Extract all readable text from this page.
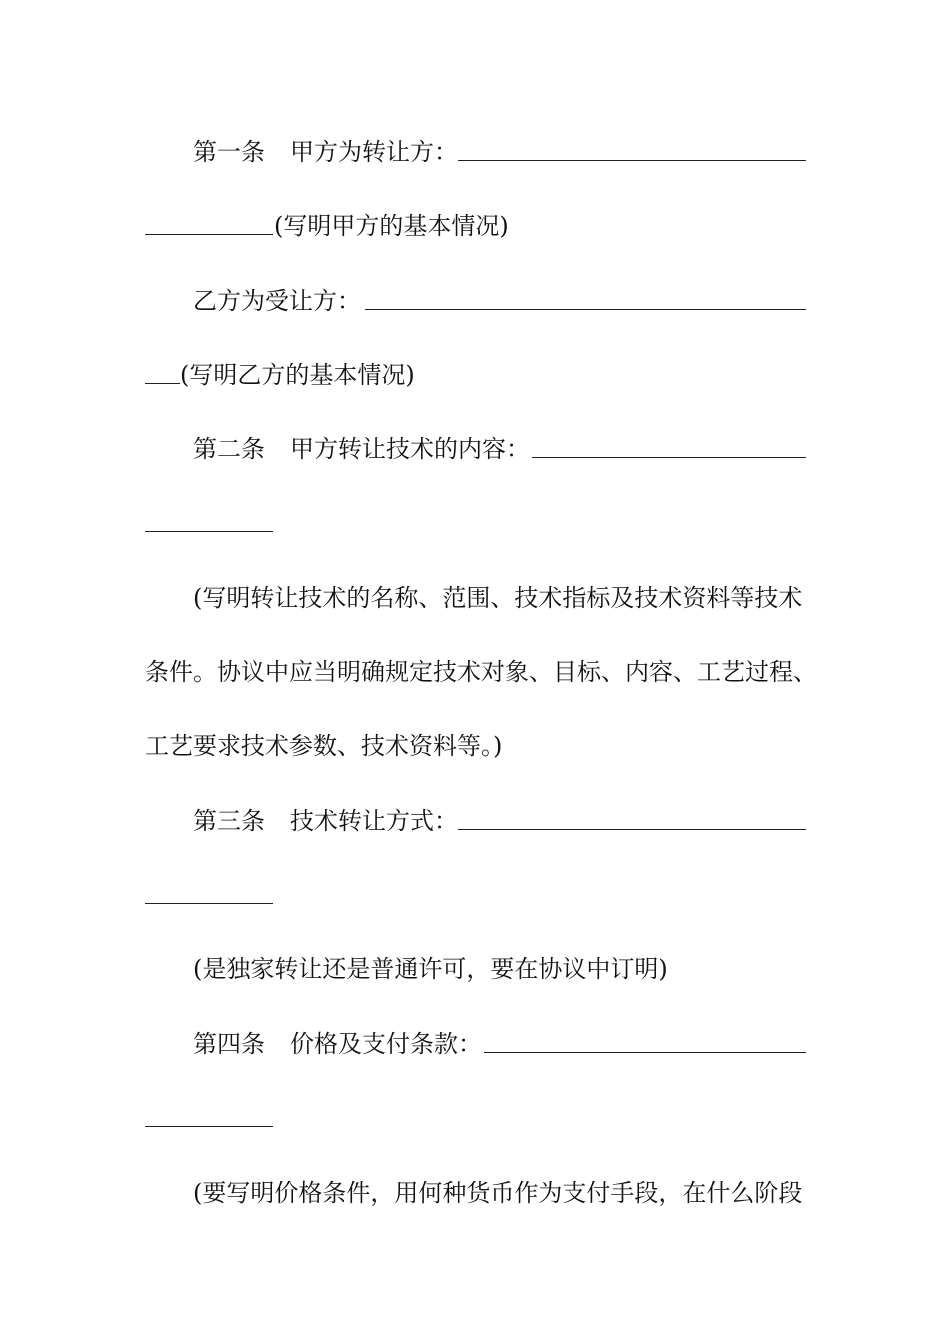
第一条 甲方为转让方：
(写明甲方的基本情况)
乙方为受让方：
(写明乙方的基本情况)
第二条 甲方转让技术的内容：
(写明转让技术的名称、范围、技术指标及技术资料等技术
条件。协议中应当明确规定技术对象、目标、内容、工艺过程、
工艺要求技术参数、技术资料等。)
第三条 技术转让方式：
(是独家转让还是普通许可，要在协议中订明)
第四条 价格及支付条款：
(要写明价格条件，用何种货币作为支付手段，在什么阶段
